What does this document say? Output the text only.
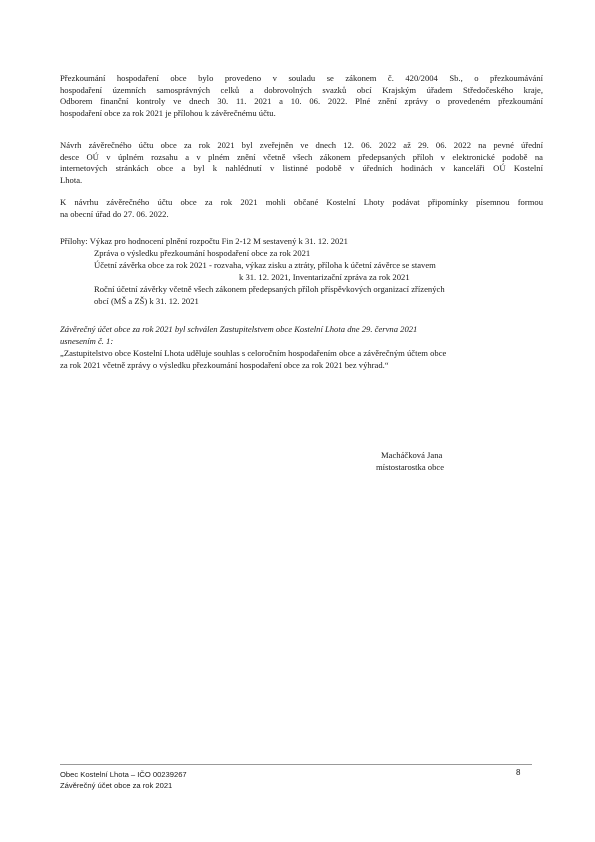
Přezkoumání hospodaření obce bylo provedeno v souladu se zákonem č. 420/2004 Sb., o přezkoumávání
hospodaření územních samosprávných celků a dobrovolných svazků obcí Krajským úřadem Středočeského kraje,
Odborem finanční kontroly ve dnech 30. 11. 2021 a 10. 06. 2022. Plné znění zprávy o provedeném přezkoumání
hospodaření obce za rok 2021 je přílohou k závěrečnému účtu.
Návrh závěrečného účtu obce za rok 2021 byl zveřejněn ve dnech 12. 06. 2022 až 29. 06. 2022 na pevné úřední
desce OÚ v úplném rozsahu a v plném znění včetně všech zákonem předepsaných příloh v elektronické podobě na
internetových stránkách obce a byl k nahlédnutí v listinné podobě v úředních hodinách v kanceláři OÚ Kostelní
Lhota.
K návrhu závěrečného účtu obce za rok 2021 mohli občané Kostelní Lhoty podávat připomínky písemnou formou
na obecní úřad do 27. 06. 2022.
Přílohy: Výkaz pro hodnocení plnění rozpočtu Fin 2-12 M sestavený k 31. 12. 2021
Zpráva o výsledku přezkoumání hospodaření obce za rok 2021
Účetní závěrka obce za rok 2021 - rozvaha, výkaz zisku a ztráty, příloha k účetní závěrce se stavem
k 31. 12. 2021, Inventarizační zpráva za rok 2021
Roční účetní závěrky včetně všech zákonem předepsaných příloh příspěvkových organizací zřízených
obcí (MŠ a ZŠ) k 31. 12. 2021
Závěrečný účet obce za rok 2021 byl schválen Zastupitelstvem obce Kostelní Lhota dne 29. června 2021
usnesením č. 1:
„Zastupitelstvo obce Kostelní Lhota uděluje souhlas s celoročním hospodařením obce a závěrečným účtem obce
za rok 2021 včetně zprávy o výsledku přezkoumání hospodaření obce za rok 2021 bez výhrad.“
Macháčková Jana
místostarostka obce
Obec Kostelní Lhota – IČO 00239267
Závěrečný účet obce za rok 2021
8
